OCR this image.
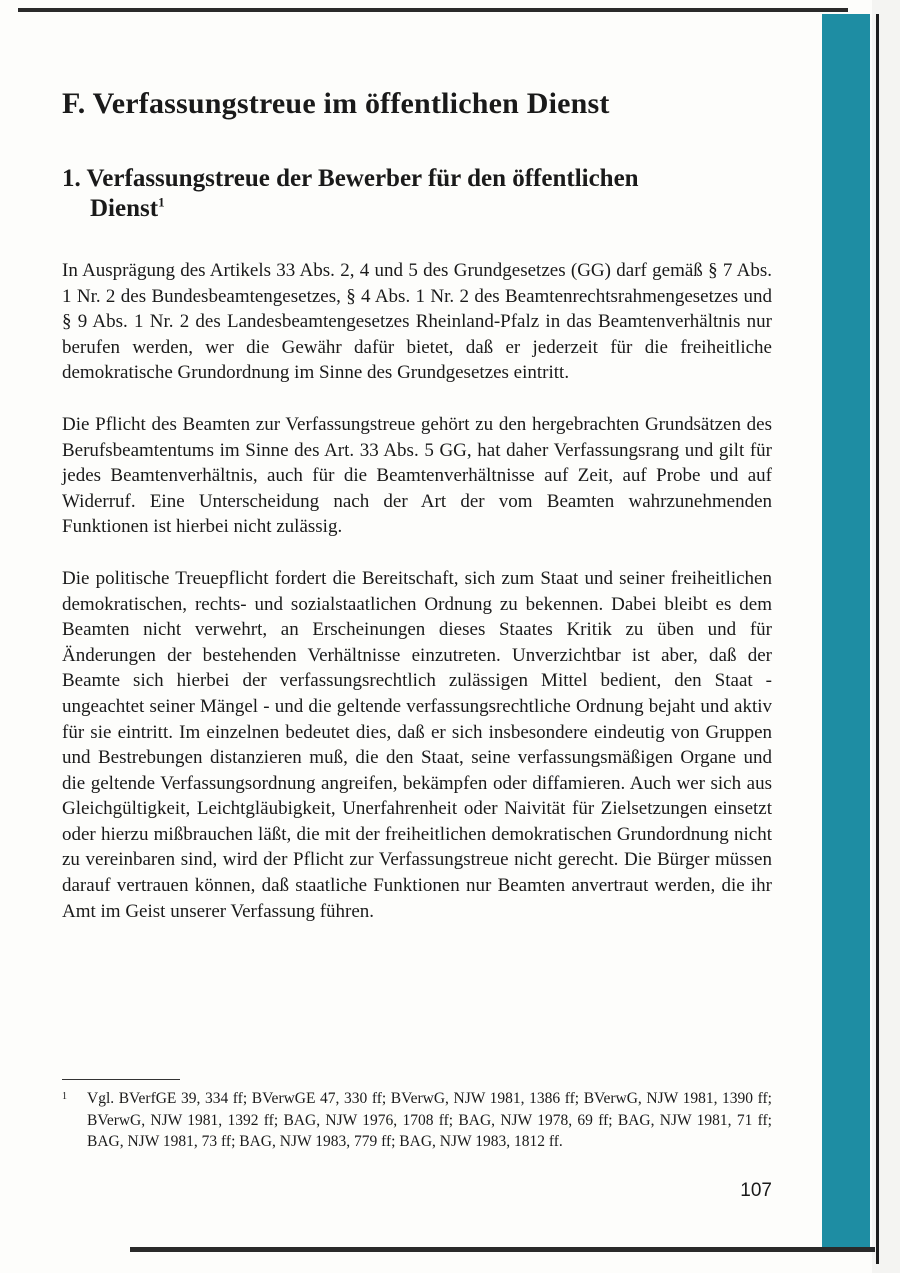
F. Verfassungstreue im öffentlichen Dienst
1. Verfassungstreue der Bewerber für den öffentlichen
Dienst$^1$

In Ausprägung des Artikels 33 Abs. 2, 4 und 5 des Grundgesetzes (GG) darf gemäß § 7 Abs. 1 Nr. 2 des Bundesbeamtengesetzes, § 4 Abs. 1 Nr. 2 des Beamtenrechtsrahmengesetzes und § 9 Abs. 1 Nr. 2 des Landesbeamtengesetzes Rheinland-Pfalz in das Beamtenverhältnis nur berufen werden, wer die Gewähr dafür bietet, daß er jederzeit für die freiheitliche demokratische Grundordnung im Sinne des Grundgesetzes eintritt.

Die Pflicht des Beamten zur Verfassungstreue gehört zu den hergebrachten Grundsätzen des Berufsbeamtentums im Sinne des Art. 33 Abs. 5 GG, hat daher Verfassungsrang und gilt für jedes Beamtenverhältnis, auch für die Beamtenverhältnisse auf Zeit, auf Probe und auf Widerruf. Eine Unterscheidung nach der Art der vom Beamten wahrzunehmenden Funktionen ist hierbei nicht zulässig.

Die politische Treuepflicht fordert die Bereitschaft, sich zum Staat und seiner freiheitlichen demokratischen, rechts- und sozialstaatlichen Ordnung zu bekennen. Dabei bleibt es dem Beamten nicht verwehrt, an Erscheinungen dieses Staates Kritik zu üben und für Änderungen der bestehenden Verhältnisse einzutreten. Unverzichtbar ist aber, daß der Beamte sich hierbei der verfassungsrechtlich zulässigen Mittel bedient, den Staat - ungeachtet seiner Mängel - und die geltende verfassungsrechtliche Ordnung bejaht und aktiv für sie eintritt. Im einzelnen bedeutet dies, daß er sich insbesondere eindeutig von Gruppen und Bestrebungen distanzieren muß, die den Staat, seine verfassungsmäßigen Organe und die geltende Verfassungsordnung angreifen, bekämpfen oder diffamieren. Auch wer sich aus Gleichgültigkeit, Leichtgläubigkeit, Unerfahrenheit oder Naivität für Zielsetzungen einsetzt oder hierzu mißbrauchen läßt, die mit der freiheitlichen demokratischen Grundordnung nicht zu vereinbaren sind, wird der Pflicht zur Verfassungstreue nicht gerecht. Die Bürger müssen darauf vertrauen können, daß staatliche Funktionen nur Beamten anvertraut werden, die ihr Amt im Geist unserer Verfassung führen.

1	Vgl. BVerfGE 39, 334 ff; BVerwGE 47, 330 ff; BVerwG, NJW 1981, 1386 ff; BVerwG, NJW 1981, 1390 ff; BVerwG, NJW 1981, 1392 ff; BAG, NJW 1976, 1708 ff; BAG, NJW 1978, 69 ff; BAG, NJW 1981, 71 ff; BAG, NJW 1981, 73 ff; BAG, NJW 1983, 779 ff; BAG, NJW 1983, 1812 ff.
107
